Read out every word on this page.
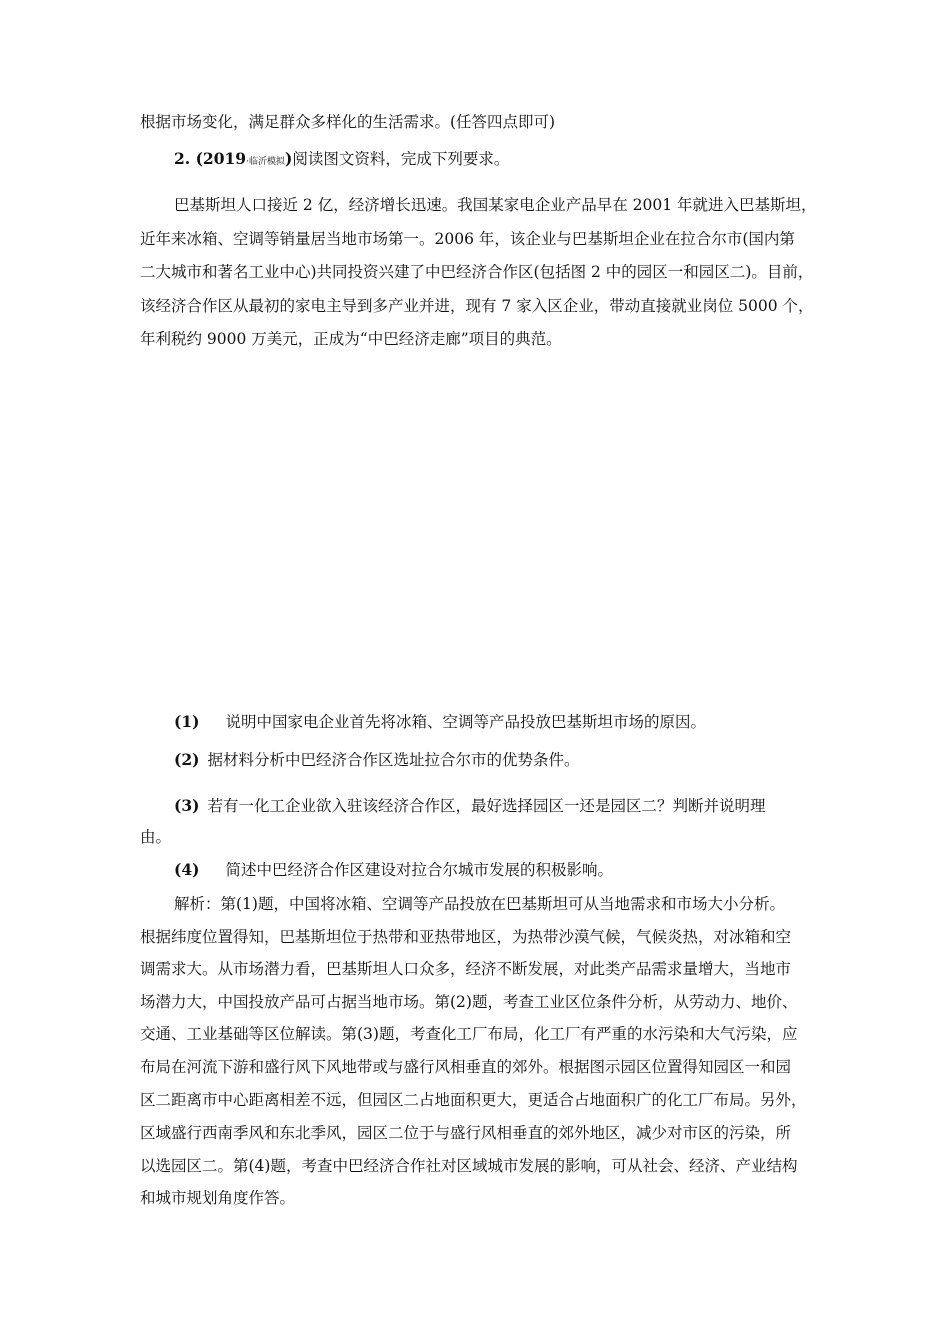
根据市场变化，满足群众多样化的生活需求。(任答四点即可)
2. (2019·临沂模拟)阅读图文资料，完成下列要求。
巴基斯坦人口接近 2 亿，经济增长迅速。我国某家电企业产品早在 2001 年就进入巴基斯坦，
近年来冰箱、空调等销量居当地市场第一。2006 年，该企业与巴基斯坦企业在拉合尔市(国内第
二大城市和著名工业中心)共同投资兴建了中巴经济合作区(包括图 2 中的园区一和园区二)。目前，
该经济合作区从最初的家电主导到多产业并进，现有 7 家入区企业，带动直接就业岗位 5000 个，
年利税约 9000 万美元，正成为“中巴经济走廊”项目的典范。
(1) 说明中国家电企业首先将冰箱、空调等产品投放巴基斯坦市场的原因。
(2) 据材料分析中巴经济合作区选址拉合尔市的优势条件。
(3) 若有一化工企业欲入驻该经济合作区，最好选择园区一还是园区二？判断并说明理
由。
(4) 简述中巴经济合作区建设对拉合尔城市发展的积极影响。
解析：第(1)题，中国将冰箱、空调等产品投放在巴基斯坦可从当地需求和市场大小分析。
根据纬度位置得知，巴基斯坦位于热带和亚热带地区，为热带沙漠气候，气候炎热，对冰箱和空
调需求大。从市场潜力看，巴基斯坦人口众多，经济不断发展，对此类产品需求量增大，当地市
场潜力大，中国投放产品可占据当地市场。第(2)题，考查工业区位条件分析，从劳动力、地价、
交通、工业基础等区位解读。第(3)题，考查化工厂布局，化工厂有严重的水污染和大气污染，应
布局在河流下游和盛行风下风地带或与盛行风相垂直的郊外。根据图示园区位置得知园区一和园
区二距离市中心距离相差不远，但园区二占地面积更大，更适合占地面积广的化工厂布局。另外，
区域盛行西南季风和东北季风，园区二位于与盛行风相垂直的郊外地区，减少对市区的污染，所
以选园区二。第(4)题，考查中巴经济合作社对区域城市发展的影响，可从社会、经济、产业结构
和城市规划角度作答。
